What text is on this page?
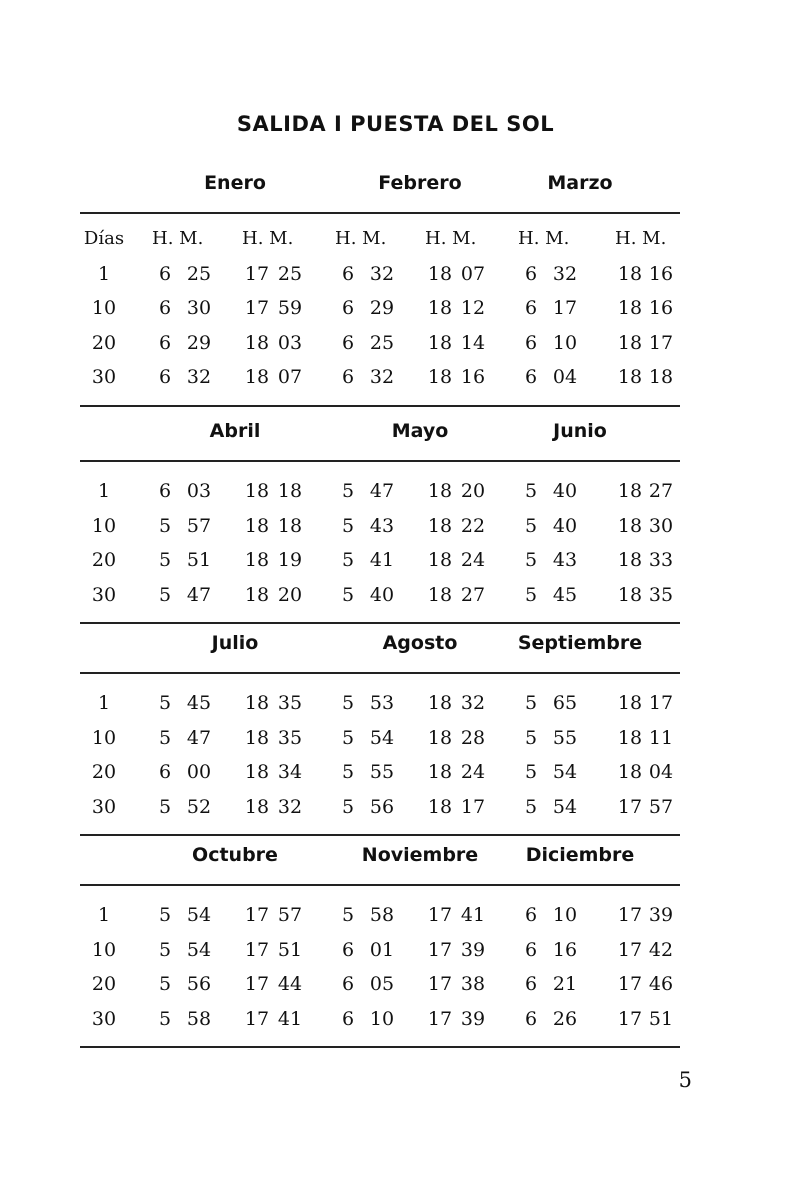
SALIDA I PUESTA DEL SOL
Enero	Febrero	Marzo
Días H. M.	H. M.	H. M.	H. M.	H. M.	H. M.
1	6 25 17 25	6 32 18 07	6 32 18 16
10	6 30 17 59	6 29 18 12	6 17 18 16
20	6 29 18 03	6 25 18 14	6 10 18 17
30	6 32 18 07	6 32 18 16	6 04 18 18
Abril	Mayo	Junio
1	6 03 18 18	5 47 18 20	5 40 18 27
10	5 57 18 18	5 43 18 22	5 40 18 30
20	5 51 18 19	5 41 18 24	5 43 18 33
30	5 47 18 20	5 40 18 27	5 45 18 35
Julio	Agosto	Septiembre
1	5 45 18 35	5 53 18 32	5 65 18 17
10	5 47 18 35	5 54 18 28	5 55 18 11
20	6 00 18 34	5 55 18 24	5 54 18 04
30	5 52 18 32	5 56 18 17	5 54 17 57
Octubre	Noviembre	Diciembre
1	5 54 17 57	5 58 17 41	6 10 17 39
10	5 54 17 51	6 01 17 39	6 16 17 42
20	5 56 17 44	6 05 17 38	6 21 17 46
30	5 58 17 41	6 10 17 39	6 26 17 51
5
